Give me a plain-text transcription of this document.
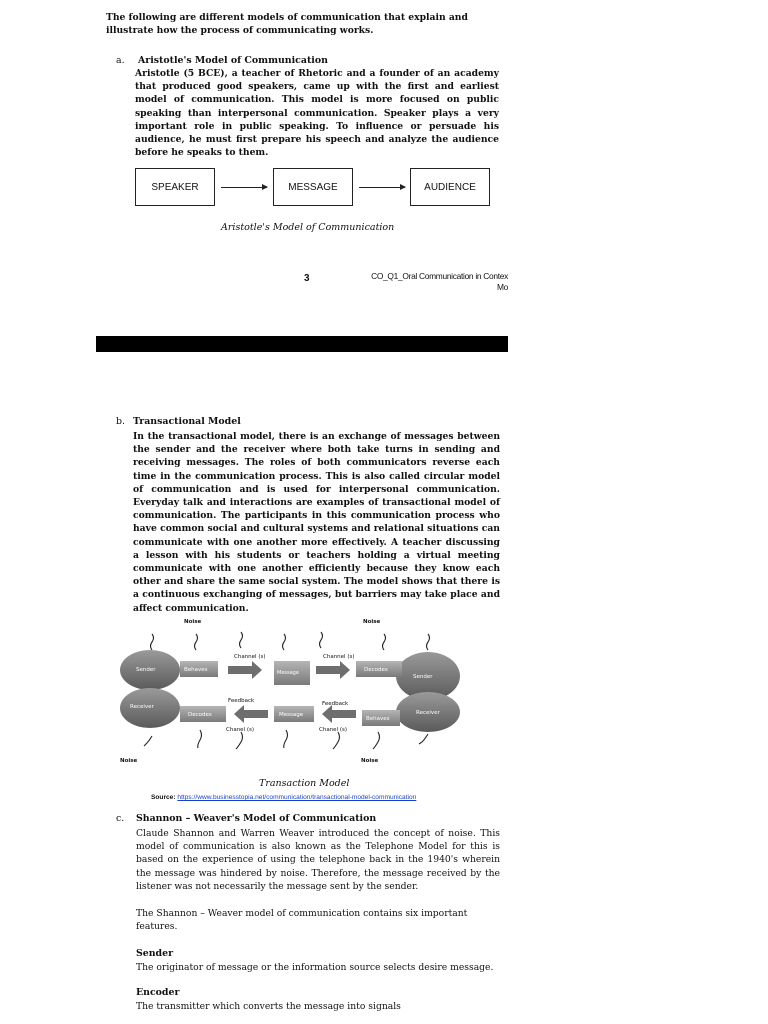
The following are different models of communication that explain and illustrate how the process of communicating works.

a. Aristotle's Model of Communication

Aristotle (5 BCE), a teacher of Rhetoric and a founder of an academy that produced good speakers, came up with the first and earliest model of communication. This model is more focused on public speaking than interpersonal communication. Speaker plays a very important role in public speaking. To influence or persuade his audience, he must first prepare his speech and analyze the audience before he speaks to them.

SPEAKER	MESSAGE	AUDIENCE
Aristotle's Model of Communication
3	CO_Q1_Oral Communication in Contex
Mo
b. Transactional Model

In the transactional model, there is an exchange of messages between the sender and the receiver where both take turns in sending and receiving messages. The roles of both communicators reverse each time in the communication process. This is also called circular model of communication and is used for interpersonal communication. Everyday talk and interactions are examples of transactional model of communication. The participants in this communication process who have common social and cultural systems and relational situations can communicate with one another more effectively. A teacher discussing a lesson with his students or teachers holding a virtual meeting communicate with one another efficiently because they know each other and share the same social system. The model shows that there is a continuous exchanging of messages, but barriers may take place and affect communication.

Noise	Noise
Noise	Noise
Channel (s)	Channel (s)
Chanel (s)	Chanel (s)
Feedback	Feedback
Sender
Receiver
Sender
Receiver
Behaves	Decodes
Decodes
Behaves
Message
Message
Transaction Model
Source: https://www.businesstopia.net/communication/transactional-model-communication
c. Shannon – Weaver's Model of Communication

Claude Shannon and Warren Weaver introduced the concept of noise. This model of communication is also known as the Telephone Model for this is based on the experience of using the telephone back in the 1940's wherein the message was hindered by noise. Therefore, the message received by the listener was not necessarily the message sent by the sender.

The Shannon – Weaver model of communication contains six important features.

Sender
The originator of message or the information source selects desire message.
Encoder
The transmitter which converts the message into signals
